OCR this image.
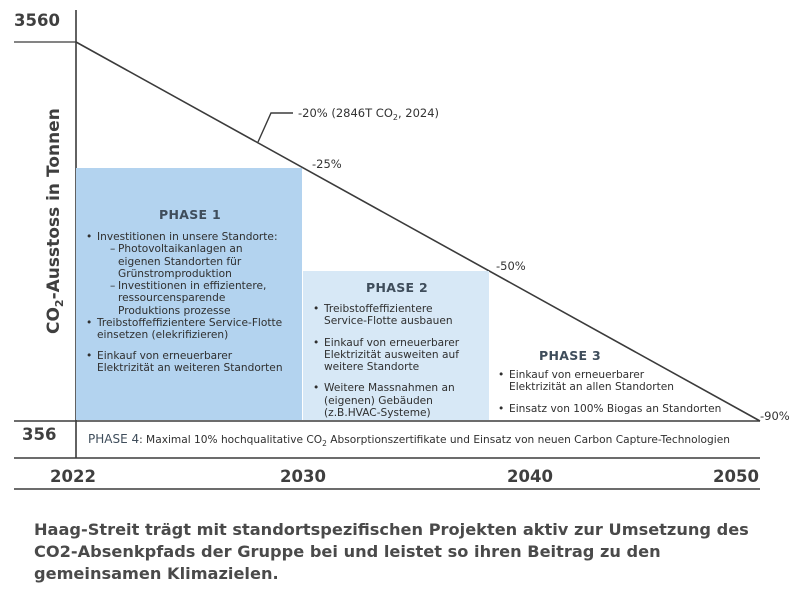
3560
356
2022	2030	2040	2050
$CO_2$-Ausstoss in Tonnen	-20% (2846T $CO_2$, 2024)
-25%
-50%
-90%
PHASE 1
• Investitionen in unsere Standorte:
– Photovoltaikanlagen an
eigenen Standorten für
Grünstromproduktion
– Investitionen in effizientere,
ressourcensparende
Produktions prozesse
• Treibstoffeffizientere Service-Flotte
einsetzen (elekrifizieren)
• Einkauf von erneuerbarer
Elektrizität an weiteren Standorten
PHASE 2
• Treibstoffeffizientere
Service-Flotte ausbauen
• Einkauf von erneuerbarer
Elektrizität ausweiten auf
weitere Standorte
• Weitere Massnahmen an
(eigenen) Gebäuden
(z.B.HVAC-Systeme)
PHASE 3
• Einkauf von erneuerbarer
Elektrizität an allen Standorten
• Einsatz von 100% Biogas an Standorten
PHASE 4: Maximal 10% hochqualitative $CO_2$ Absorptionszertifikate und Einsatz von neuen Carbon Capture-Technologien
Haag-Streit trägt mit standortspezifischen Projekten aktiv zur Umsetzung des CO2-Absenkpfads der Gruppe bei und leistet so ihren Beitrag zu den gemeinsamen Klimazielen.
